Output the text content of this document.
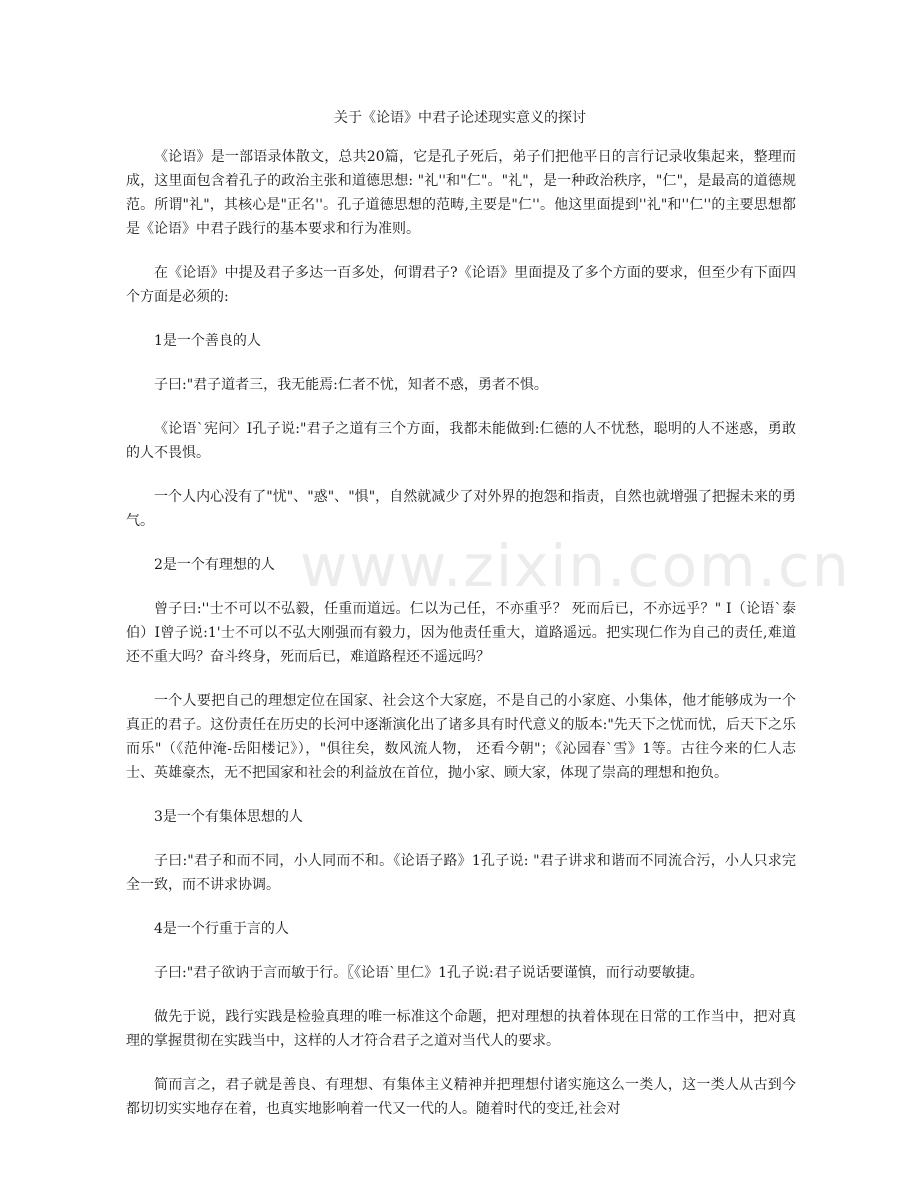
www.zixin.com.cn
关于《论语》中君子论述现实意义的探讨

《论语》是一部语录体散文，总共20篇，它是孔子死后，弟子们把他平日的言行记录收集起来，整理而成，这里面包含着孔子的政治主张和道德思想: "礼''和"仁"。"礼"，是一种政治秩序，"仁"，是最高的道德规范。所谓"礼"，其核心是"正名''。孔子道德思想的范畴,主要是"仁''。他这里面提到''礼"和''仁''的主要思想都是《论语》中君子践行的基本要求和行为准则。

在《论语》中提及君子多达一百多处，何谓君子?《论语》里面提及了多个方面的要求，但至少有下面四个方面是必须的:

1是一个善良的人

子曰:"君子道者三，我无能焉:仁者不忧，知者不惑，勇者不惧。

《论语`宪问〉I孔子说:"君子之道有三个方面，我都未能做到:仁德的人不忧愁，聪明的人不迷惑，勇敢的人不畏惧。

一个人内心没有了"忧"、"惑"、"惧"，自然就减少了对外界的抱怨和指责，自然也就增强了把握未来的勇气。

2是一个有理想的人

曾子曰:''士不可以不弘毅，任重而道远。仁以为己任，不亦重乎？ 死而后已，不亦远乎？" I（论语`泰伯）I曾子说:1'士不可以不弘大刚强而有毅力，因为他责任重大，道路遥远。把实现仁作为自己的责任,难道还不重大吗？奋斗终身，死而后已，难道路程还不遥远吗？

一个人要把自己的理想定位在国家、社会这个大家庭，不是自己的小家庭、小集体，他才能够成为一个真正的君子。这份责任在历史的长河中逐渐演化出了诸多具有时代意义的版本:"先天下之忧而忧，后天下之乐而乐"（《范仲淹-岳阳楼记》），"俱往矣，数风流人物， 还看今朝"；《沁园春`雪》1等。古往今来的仁人志士、英雄豪杰，无不把国家和社会的利益放在首位，抛小家、顾大家，体现了崇高的理想和抱负。

3是一个有集体思想的人

子曰:"君子和而不同，小人同而不和。《论语子路》1孔子说: "君子讲求和谐而不同流合污，小人只求完全一致，而不讲求协调。

4是一个行重于言的人

子曰:"君子欲讷于言而敏于行。〖《论语`里仁》1孔子说:君子说话要谨慎，而行动要敏捷。

做先于说，践行实践是检验真理的唯一标准这个命题，把对理想的执着体现在日常的工作当中，把对真理的掌握贯彻在实践当中，这样的人才符合君子之道对当代人的要求。

简而言之，君子就是善良、有理想、有集体主义精神并把理想付诸实施这么一类人，这一类人从古到今都切切实实地存在着，也真实地影响着一代又一代的人。随着时代的变迁,社会对
